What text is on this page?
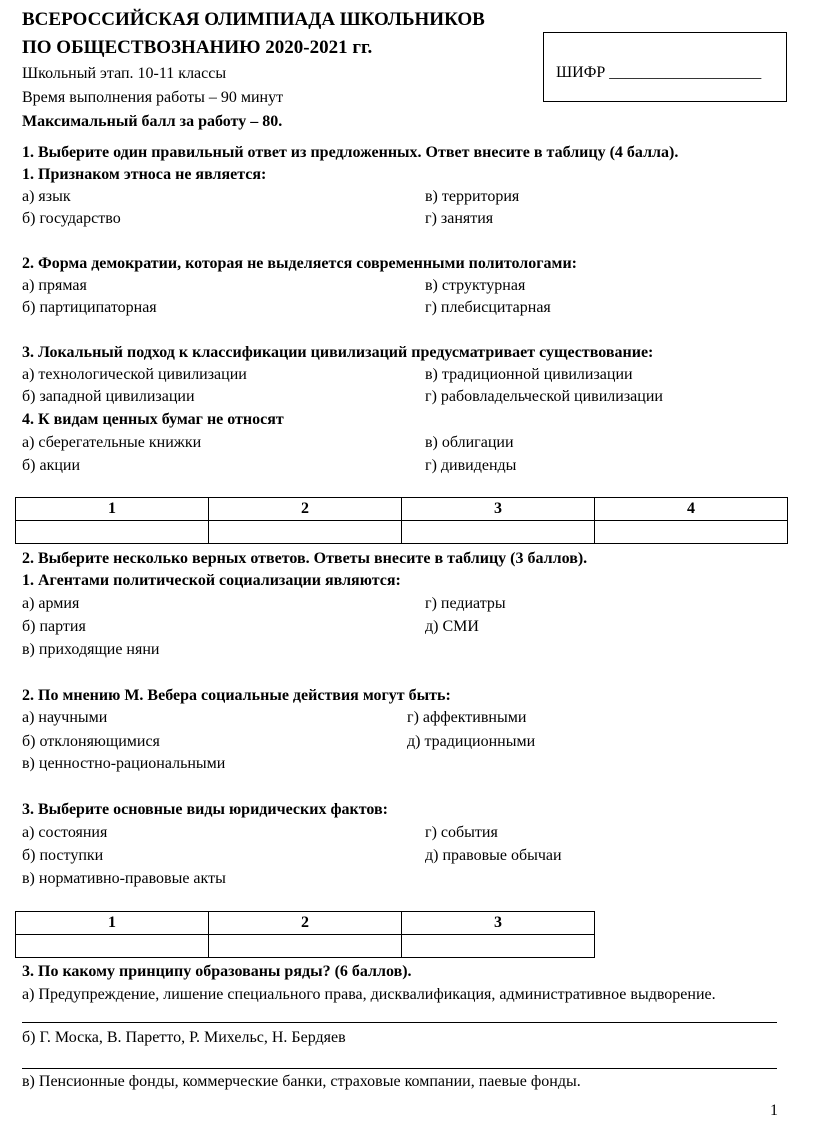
ВСЕРОССИЙСКАЯ ОЛИМПИАДА ШКОЛЬНИКОВ
ПО ОБЩЕСТВОЗНАНИЮ 2020-2021 гг.
Школьный этап. 10-11 классы
Время выполнения работы – 90 минут
Максимальный балл за работу – 80.
ШИФР ___________________
1. Выберите один правильный ответ из предложенных. Ответ внесите в таблицу (4 балла).
1. Признаком этноса не является:
а) язык	в) территория
б) государство	г) занятия
2. Форма демократии, которая не выделяется современными политологами:
а) прямая	в) структурная
б) партиципаторная	г) плебисцитарная
3. Локальный подход к классификации цивилизаций предусматривает существование:
а) технологической цивилизации	в) традиционной цивилизации
б) западной цивилизации	г) рабовладельческой цивилизации
4. К видам ценных бумаг не относят
а) сберегательные книжки	в) облигации
б) акции	г) дивиденды
1	2	3	4

2. Выберите несколько верных ответов. Ответы внесите в таблицу (3 баллов).
1. Агентами политической социализации являются:
а) армия	г) педиатры
б) партия	д) СМИ
в) приходящие няни
2. По мнению М. Вебера социальные действия могут быть:
а) научными	г) аффективными
б) отклоняющимися	д) традиционными
в) ценностно-рациональными
3. Выберите основные виды юридических фактов:
а) состояния	г) события
б) поступки	д) правовые обычаи
в) нормативно-правовые акты
1	2	3

3. По какому принципу образованы ряды? (6 баллов).
а) Предупреждение, лишение специального права, дисквалификация, административное выдворение.
б) Г. Моска, В. Паретто, Р. Михельс, Н. Бердяев
в) Пенсионные фонды, коммерческие банки, страховые компании, паевые фонды.
1
